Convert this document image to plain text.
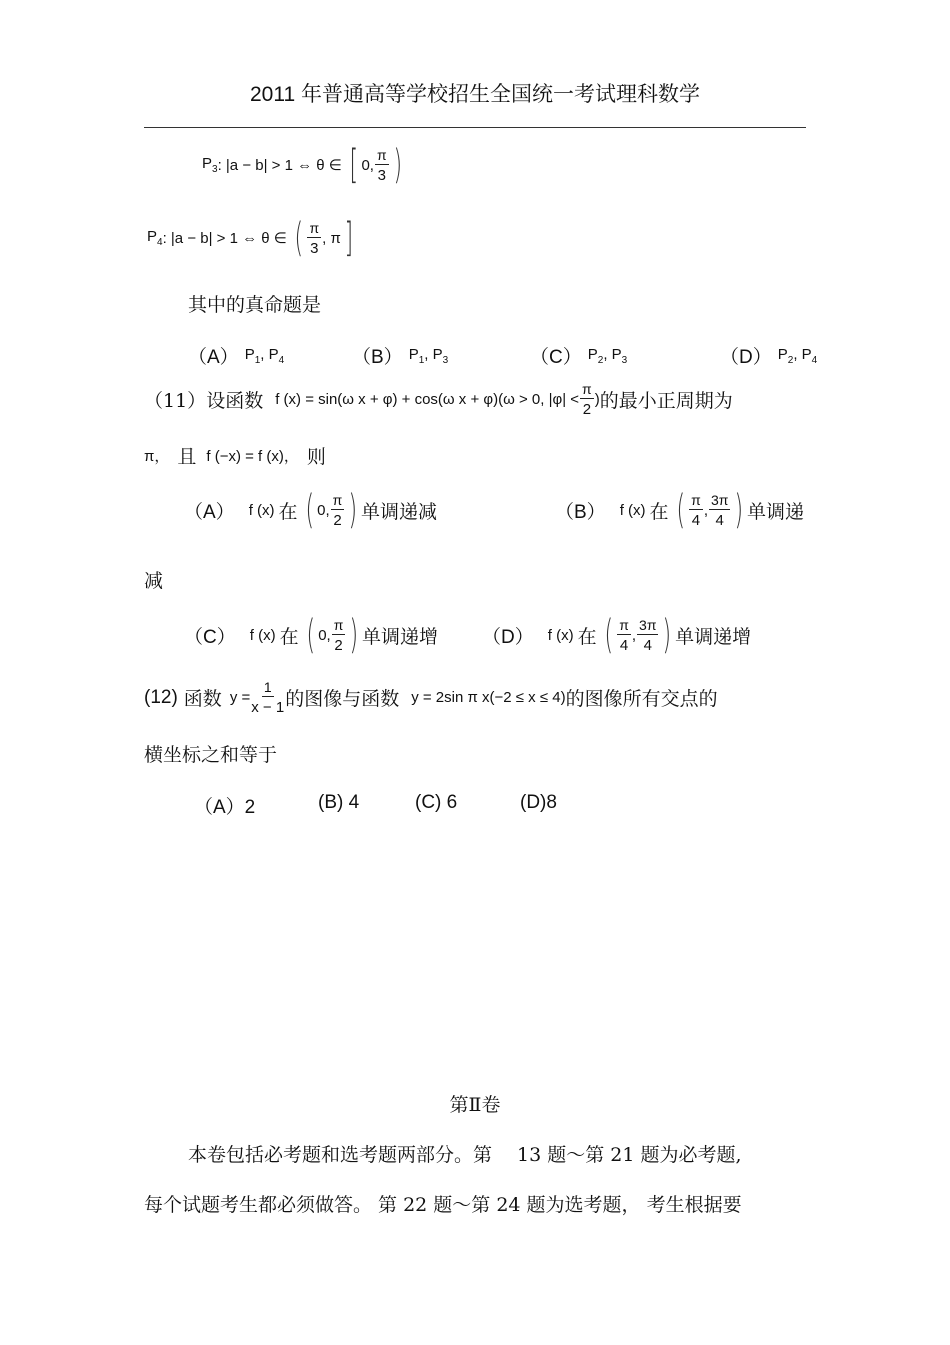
2011 年普通高等学校招生全国统一考试理科数学
$P_3$ : |a − b| > 1 ⇔ θ ∈ [ 0, $\frac{\pi}{3}$ )
$P_4$ : |a − b| > 1 ⇔ θ ∈ ( $\frac{\pi}{3}$ , π ]
其中的真命题是
（A） $P_1$, $P_4$	（B） $P_1$, $P_3$	（C） $P_2$, $P_3$	（D） $P_2$, $P_4$
（11） 设函数 f (x) = sin(ω x + φ) + cos(ω x + φ)(ω > 0, $|\varphi| < \frac{\pi}{2}$ ) 的最小正周期为
π， 且 f (−x) = f (x)， 则
（A） f (x) 在 ( 0, $\frac{\pi}{2}$ ) 单调递减	（B） f (x) 在 ( $\frac{\pi}{4}$ , $\frac{3\pi}{4}$ ) 单调递
减
（C） f (x) 在 ( 0, $\frac{\pi}{2}$ ) 单调递增 （D） f (x) 在 ( $\frac{\pi}{4}$ , $\frac{3\pi}{4}$ ) 单调递增
(12) 函数 $y = \frac{1}{x - 1}$ 的图像与函数 y = 2sin π x(−2 ≤ x ≤ 4) 的图像所有交点的
横坐标之和等于
（A）2	(B) 4	(C) 6	(D)8
第Ⅱ卷
本卷包括必考题和选考题两部分。第　 13 题～第 21 题为必考题,
每个试题考生都必须做答。 第 22 题～第 24 题为选考题， 考生根据要
